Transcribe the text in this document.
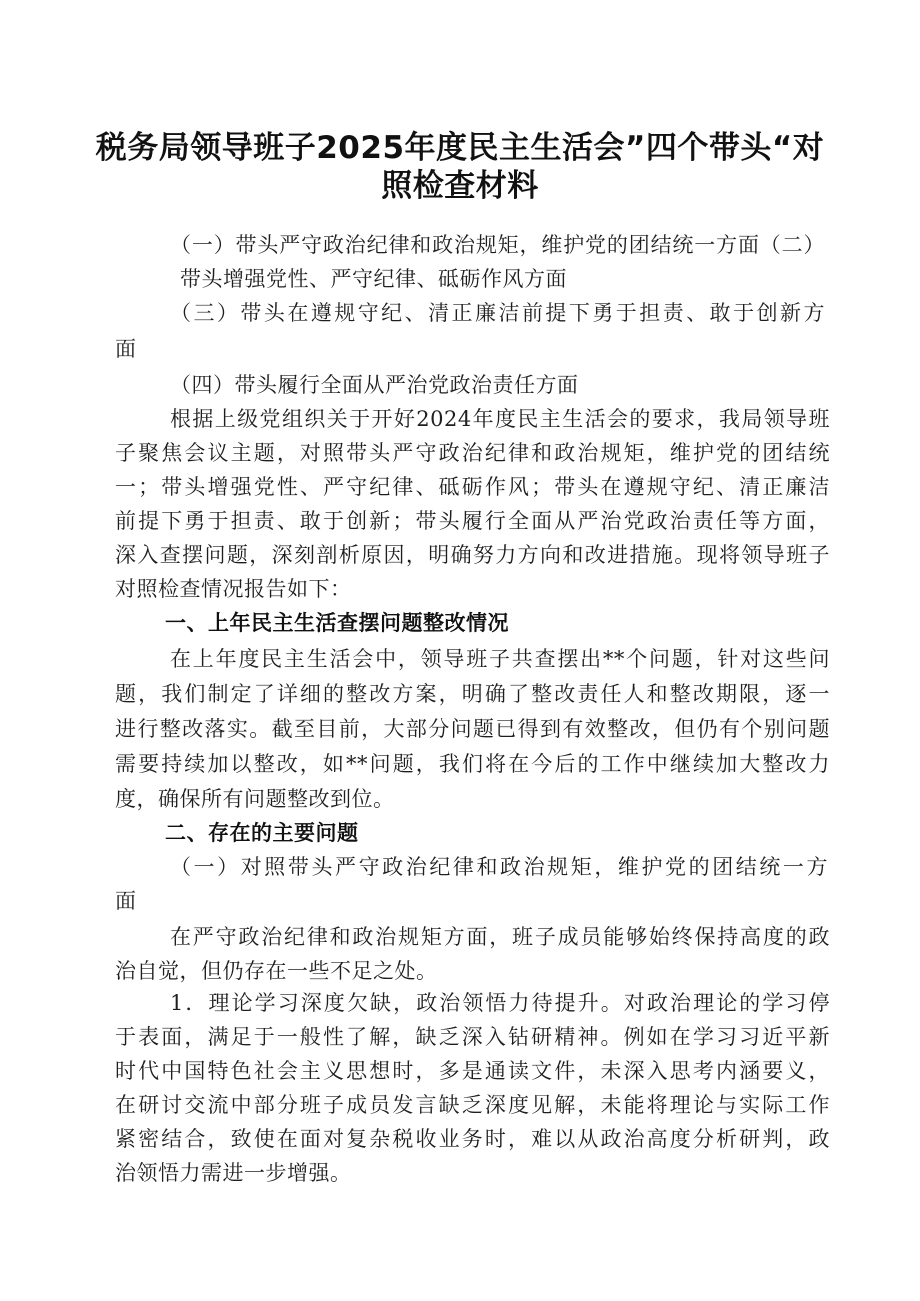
税务局领导班子2025年度民主生活会”四个带头“对
照检查材料
（一）带头严守政治纪律和政治规矩，维护党的团结统一方面（二）
带头增强党性、严守纪律、砥砺作风方面
（三）带头在遵规守纪、清正廉洁前提下勇于担责、敢于创新方
面
（四）带头履行全面从严治党政治责任方面
根据上级党组织关于开好2024年度民主生活会的要求，我局领导班
子聚焦会议主题，对照带头严守政治纪律和政治规矩，维护党的团结统
一；带头增强党性、严守纪律、砥砺作风；带头在遵规守纪、清正廉洁
前提下勇于担责、敢于创新；带头履行全面从严治党政治责任等方面，
深入查摆问题，深刻剖析原因，明确努力方向和改进措施。现将领导班子
对照检查情况报告如下：
一、上年民主生活查摆问题整改情况
在上年度民主生活会中，领导班子共查摆出**个问题，针对这些问
题，我们制定了详细的整改方案，明确了整改责任人和整改期限，逐一
进行整改落实。截至目前，大部分问题已得到有效整改，但仍有个别问题
需要持续加以整改，如**问题，我们将在今后的工作中继续加大整改力
度，确保所有问题整改到位。
二、存在的主要问题
（一）对照带头严守政治纪律和政治规矩，维护党的团结统一方
面
在严守政治纪律和政治规矩方面，班子成员能够始终保持高度的政
治自觉，但仍存在一些不足之处。
1．理论学习深度欠缺，政治领悟力待提升。对政治理论的学习停
于表面，满足于一般性了解，缺乏深入钻研精神。例如在学习习近平新
时代中国特色社会主义思想时，多是通读文件，未深入思考内涵要义，
在研讨交流中部分班子成员发言缺乏深度见解，未能将理论与实际工作
紧密结合，致使在面对复杂税收业务时，难以从政治高度分析研判，政
治领悟力需进一步增强。
